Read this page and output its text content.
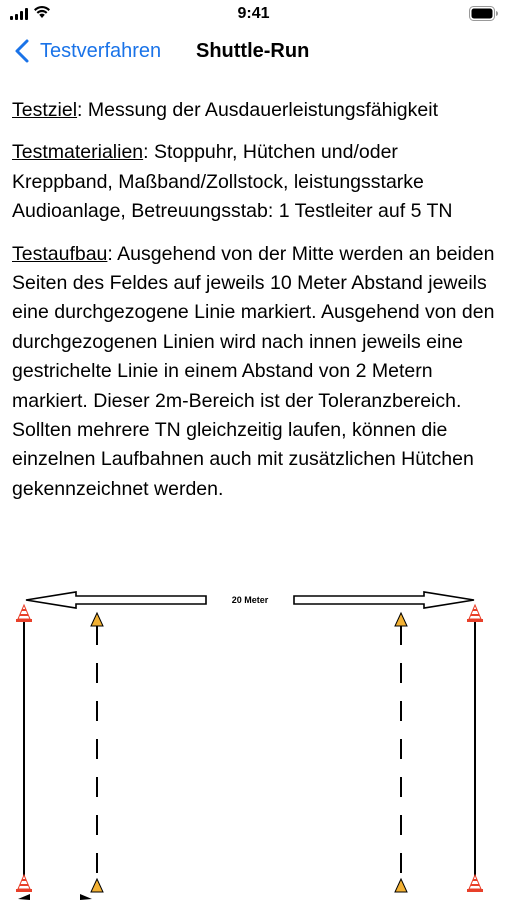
9:41
Testverfahren Shuttle-Run

Testziel: Messung der Ausdauerleistungsfähigkeit

Testmaterialien: Stoppuhr, Hütchen und/oder Kreppband, Maßband/Zollstock, leistungsstarke Audioanlage, Betreuungsstab: 1 Testleiter auf 5 TN

Testaufbau: Ausgehend von der Mitte werden an beiden Seiten des Feldes auf jeweils 10 Meter Abstand jeweils eine durchgezogene Linie markiert. Ausgehend von den durchgezogenen Linien wird nach innen jeweils eine gestrichelte Linie in einem Abstand von 2 Metern markiert. Dieser 2m-Bereich ist der Toleranzbereich. Sollten mehrere TN gleichzeitig laufen, können die einzelnen Laufbahnen auch mit zusätzlichen Hütchen gekennzeichnet werden.

20 Meter
